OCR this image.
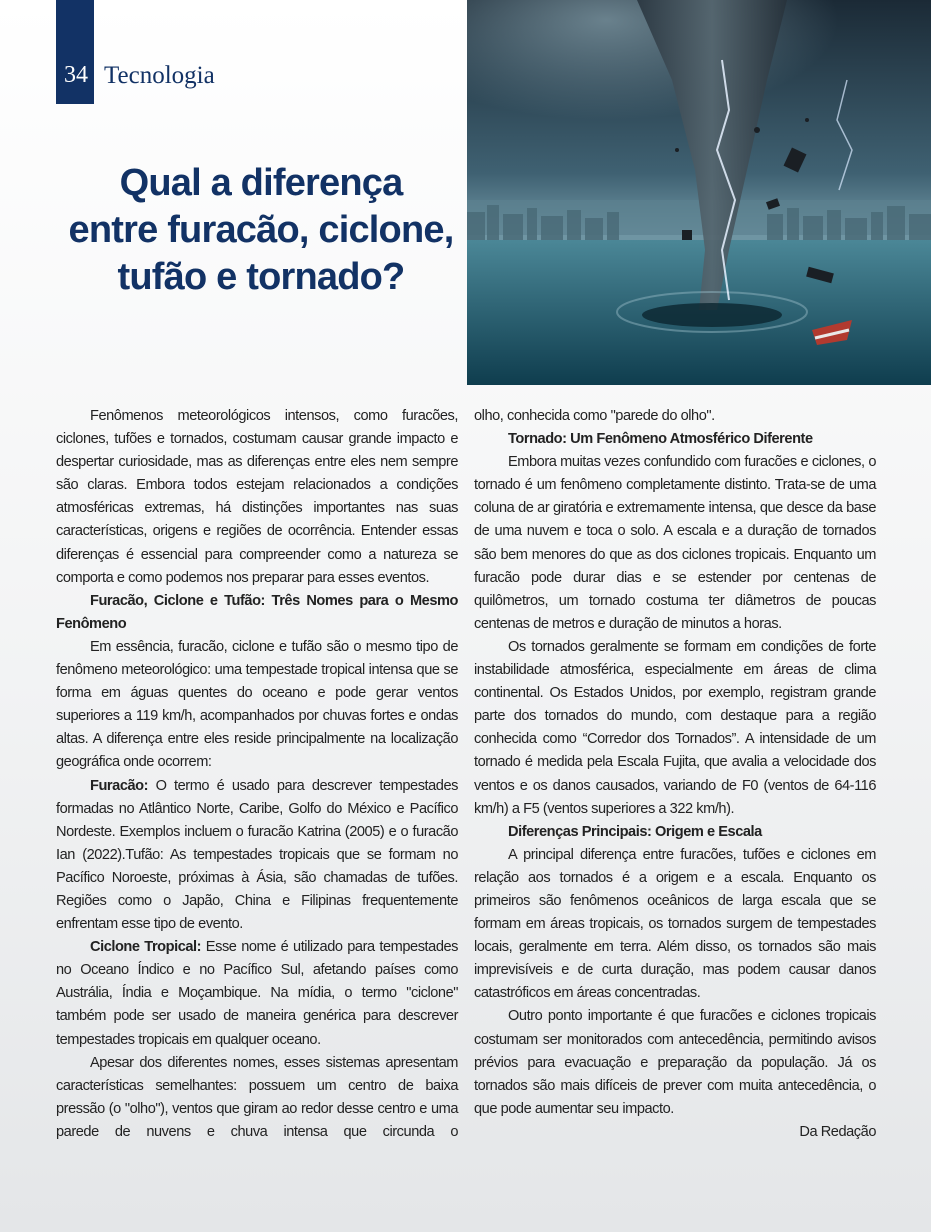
34 Tecnologia
Qual a diferença
entre furacão, ciclone,
tufão e tornado?

Fenômenos meteorológicos intensos, como furacões, ciclones, tufões e tornados, costumam causar grande impacto e despertar curiosidade, mas as diferenças entre eles nem sempre são claras. Embora todos estejam relacionados a condições atmosféricas extremas, há distinções importantes nas suas características, origens e regiões de ocorrência. Entender essas diferenças é essencial para compreender como a natureza se comporta e como podemos nos preparar para esses eventos.

Furacão, Ciclone e Tufão: Três Nomes para o Mesmo Fenômeno

Em essência, furacão, ciclone e tufão são o mesmo tipo de fenômeno meteorológico: uma tempestade tropical intensa que se forma em águas quentes do oceano e pode gerar ventos superiores a 119 km/h, acompanhados por chuvas fortes e ondas altas. A diferença entre eles reside principalmente na localização geográfica onde ocorrem:

Furacão: O termo é usado para descrever tempestades formadas no Atlântico Norte, Caribe, Golfo do México e Pacífico Nordeste. Exemplos incluem o furacão Katrina (2005) e o furacão Ian (2022).Tufão: As tempestades tropicais que se formam no Pacífico Noroeste, próximas à Ásia, são chamadas de tufões. Regiões como o Japão, China e Filipinas frequentemente enfrentam esse tipo de evento.

Ciclone Tropical: Esse nome é utilizado para tempestades no Oceano Índico e no Pacífico Sul, afetando países como Austrália, Índia e Moçambique. Na mídia, o termo "ciclone" também pode ser usado de maneira genérica para descrever tempestades tropicais em qualquer oceano.

Apesar dos diferentes nomes, esses sistemas apresentam características semelhantes: possuem um centro de baixa pressão (o "olho"), ventos que giram ao redor desse centro e uma parede de nuvens e chuva intensa que circunda o

olho, conhecida como "parede do olho".

Tornado: Um Fenômeno Atmosférico Diferente

Embora muitas vezes confundido com furacões e ciclones, o tornado é um fenômeno completamente distinto. Trata-se de uma coluna de ar giratória e extremamente intensa, que desce da base de uma nuvem e toca o solo. A escala e a duração de tornados são bem menores do que as dos ciclones tropicais. Enquanto um furacão pode durar dias e se estender por centenas de quilômetros, um tornado costuma ter diâmetros de poucas centenas de metros e duração de minutos a horas.

Os tornados geralmente se formam em condições de forte instabilidade atmosférica, especialmente em áreas de clima continental. Os Estados Unidos, por exemplo, registram grande parte dos tornados do mundo, com destaque para a região conhecida como “Corredor dos Tornados”. A intensidade de um tornado é medida pela Escala Fujita, que avalia a velocidade dos ventos e os danos causados, variando de F0 (ventos de 64-116 km/h) a F5 (ventos superiores a 322 km/h).

Diferenças Principais: Origem e Escala

A principal diferença entre furacões, tufões e ciclones em relação aos tornados é a origem e a escala. Enquanto os primeiros são fenômenos oceânicos de larga escala que se formam em áreas tropicais, os tornados surgem de tempestades locais, geralmente em terra. Além disso, os tornados são mais imprevisíveis e de curta duração, mas podem causar danos catastróficos em áreas concentradas.

Outro ponto importante é que furacões e ciclones tropicais costumam ser monitorados com antecedência, permitindo avisos prévios para evacuação e preparação da população. Já os tornados são mais difíceis de prever com muita antecedência, o que pode aumentar seu impacto.

Da Redação
